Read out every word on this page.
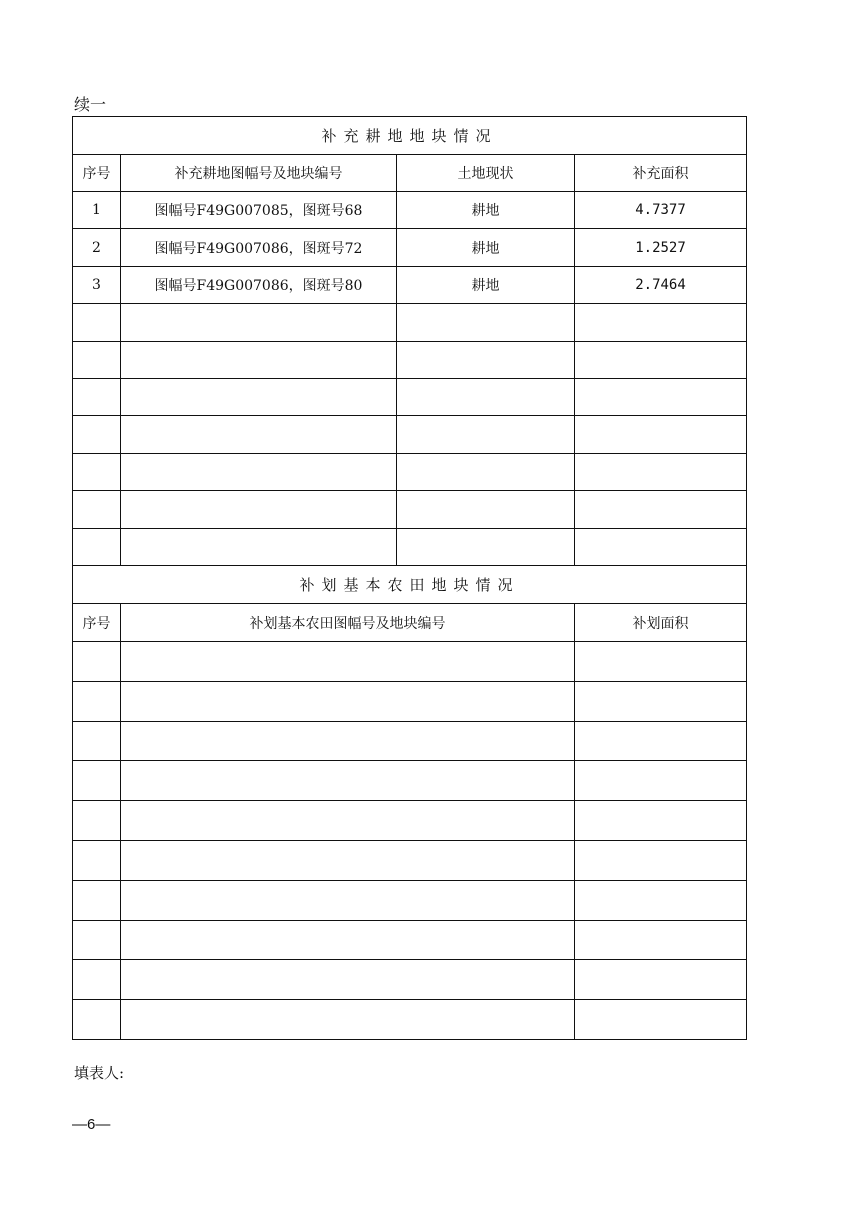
续一
补充耕地地块情况			
序号	补充耕地图幅号及地块编号	土地现状	补充面积
1	图幅号F49G007085，图斑号68	耕地	4.7377
2	图幅号F49G007086，图斑号72	耕地	1.2527
3	图幅号F49G007086，图斑号80	耕地	2.7464

补划基本农田地块情况		
序号	补划基本农田图幅号及地块编号	补划面积

填表人:
—6—
